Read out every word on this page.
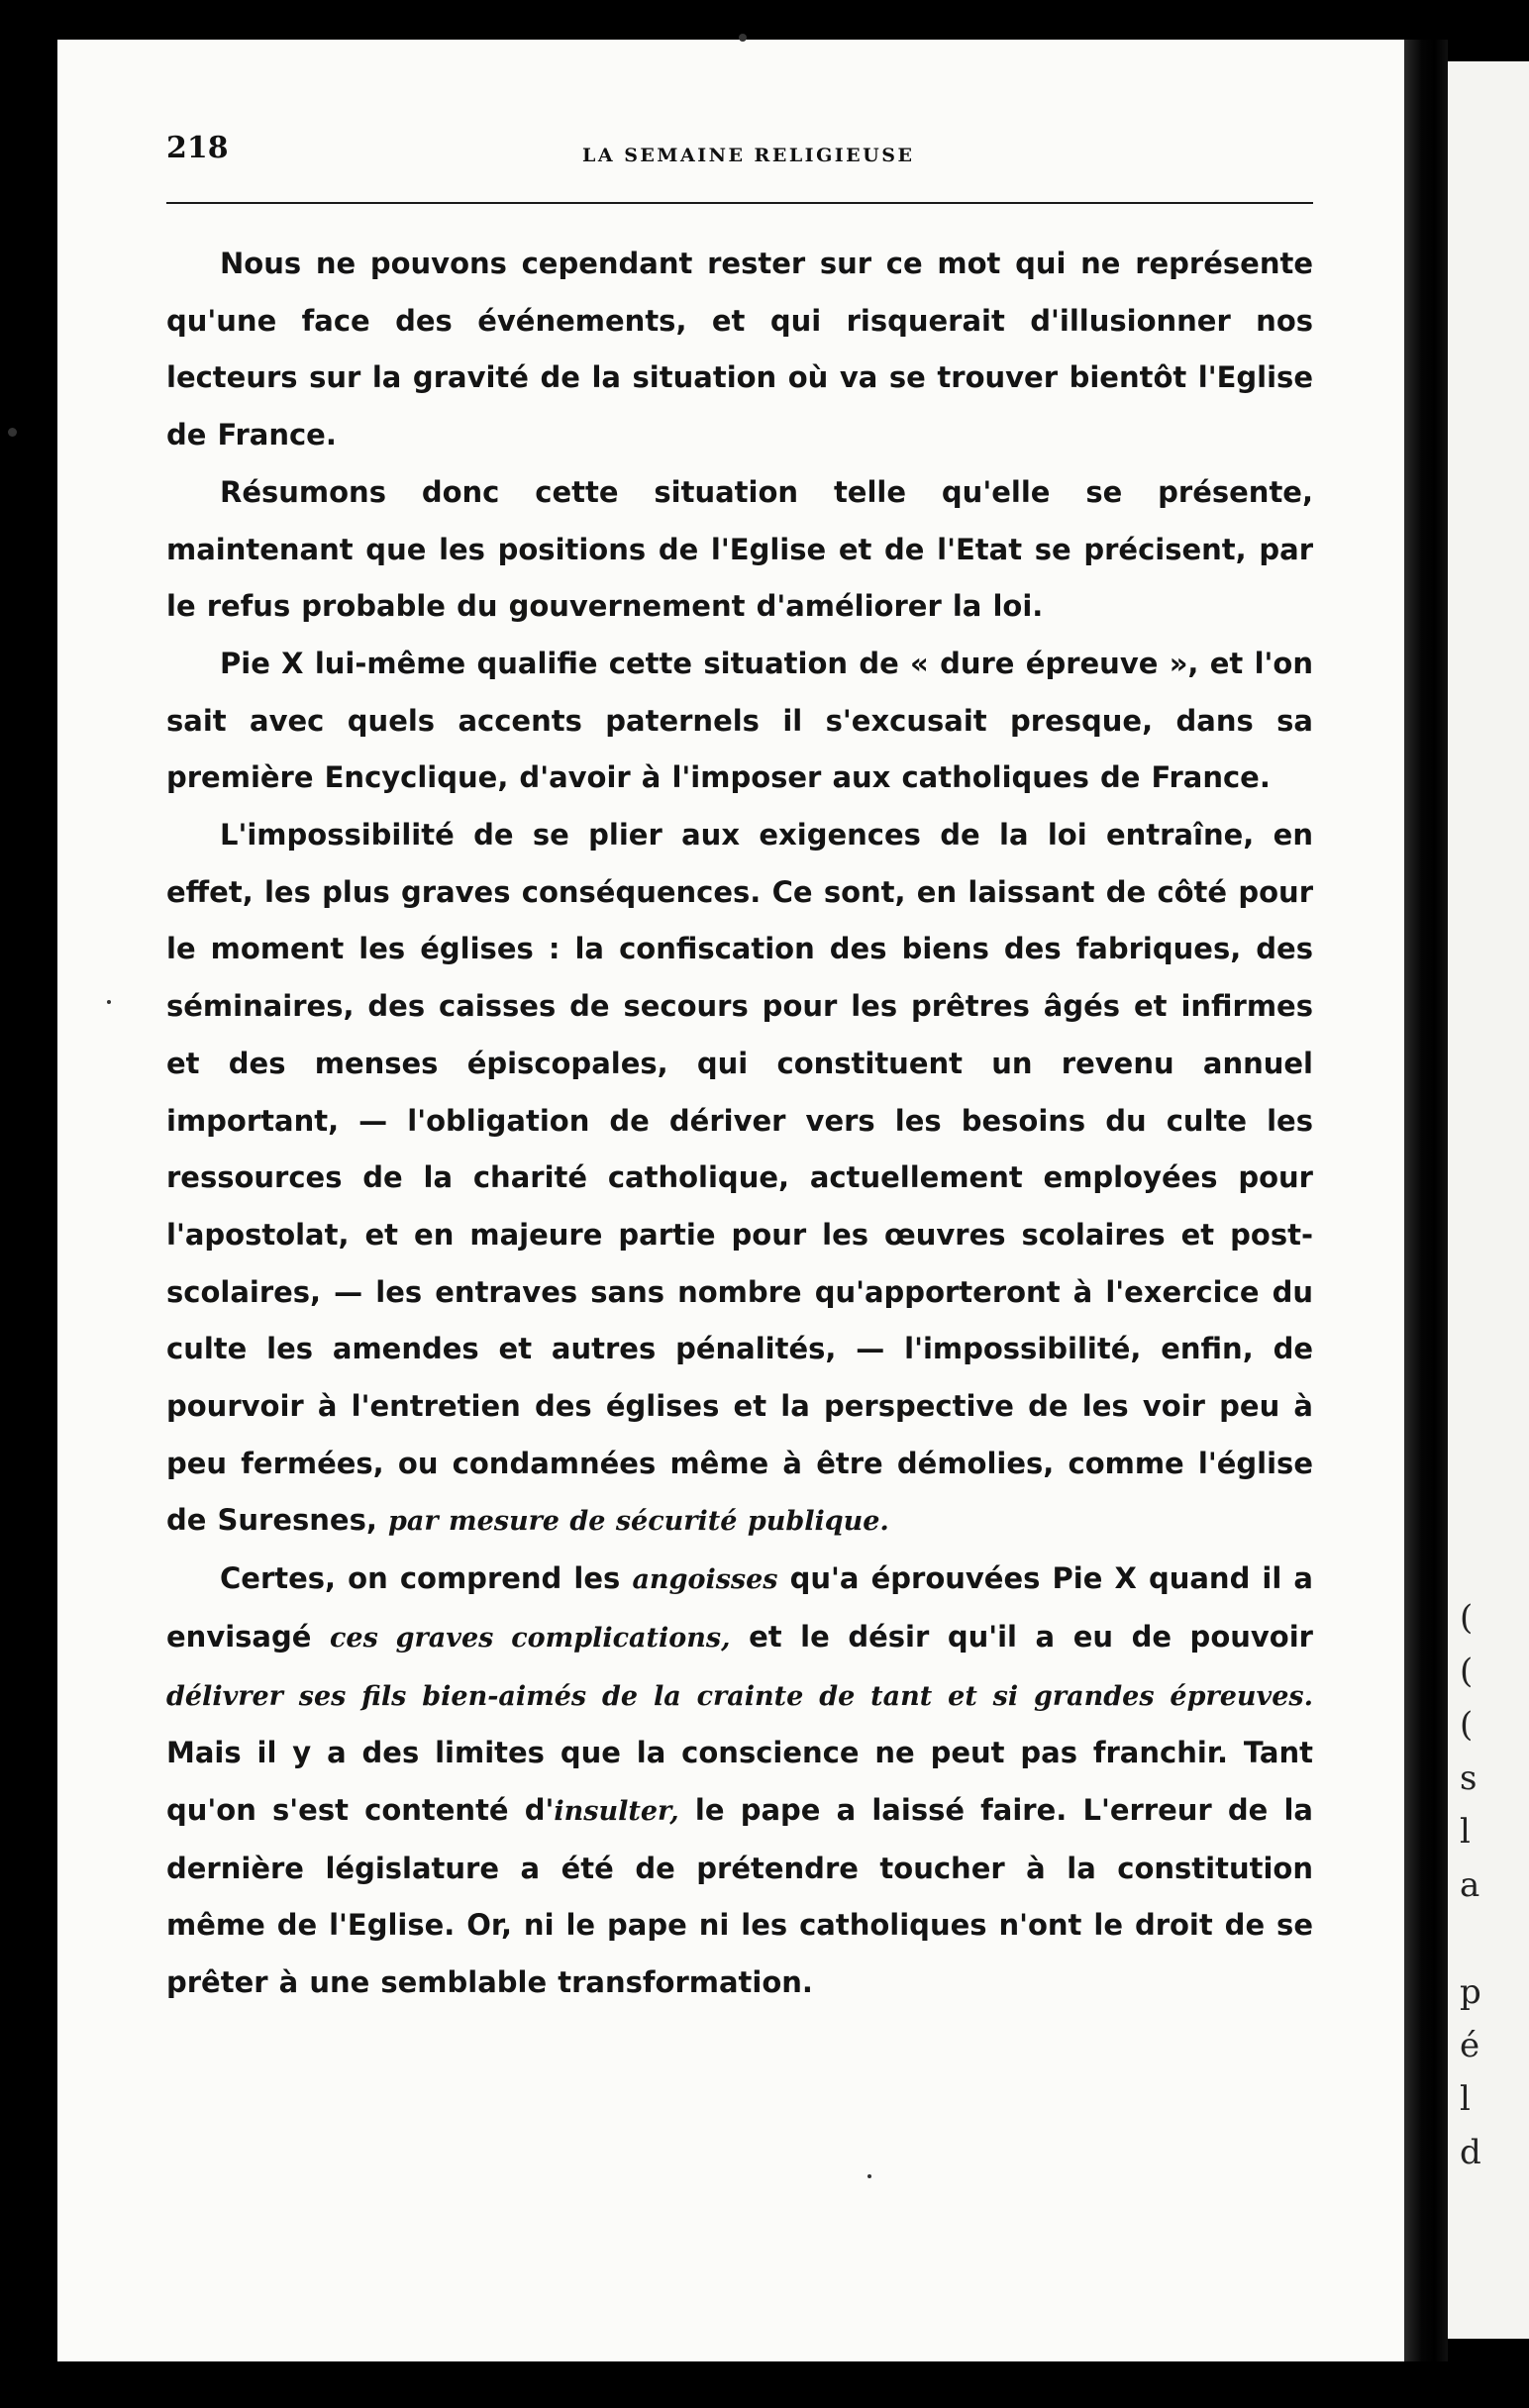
(
(
(
s
l
a

p
é
l
d
218	LA SEMAINE RELIGIEUSE

Nous ne pouvons cependant rester sur ce mot qui ne représente qu'une face des événements, et qui risquerait d'illusionner nos lecteurs sur la gravité de la situation où va se trouver bientôt l'Eglise de France.

Résumons donc cette situation telle qu'elle se présente, maintenant que les positions de l'Eglise et de l'Etat se précisent, par le refus probable du gouvernement d'améliorer la loi.

Pie X lui-même qualifie cette situation de « dure épreuve », et l'on sait avec quels accents paternels il s'excusait presque, dans sa première Encyclique, d'avoir à l'imposer aux catholiques de France.

L'impossibilité de se plier aux exigences de la loi entraîne, en effet, les plus graves conséquences. Ce sont, en laissant de côté pour le moment les églises : la confiscation des biens des fabriques, des séminaires, des caisses de secours pour les prêtres âgés et infirmes et des menses épiscopales, qui constituent un revenu annuel important, — l'obligation de dériver vers les besoins du culte les ressources de la charité catholique, actuellement employées pour l'apostolat, et en majeure partie pour les œuvres scolaires et post-scolaires, — les entraves sans nombre qu'apporteront à l'exercice du culte les amendes et autres pénalités, — l'impossibilité, enfin, de pourvoir à l'entretien des églises et la perspective de les voir peu à peu fermées, ou condamnées même à être démolies, comme l'église de Suresnes, par mesure de sécurité publique.

Certes, on comprend les angoisses qu'a éprouvées Pie X quand il a envisagé ces graves complications, et le désir qu'il a eu de pouvoir délivrer ses fils bien-aimés de la crainte de tant et si grandes épreuves. Mais il y a des limites que la conscience ne peut pas franchir. Tant qu'on s'est contenté d'insulter, le pape a laissé faire. L'erreur de la dernière législature a été de prétendre toucher à la constitution même de l'Eglise. Or, ni le pape ni les catholiques n'ont le droit de se prêter à une semblable transformation.
